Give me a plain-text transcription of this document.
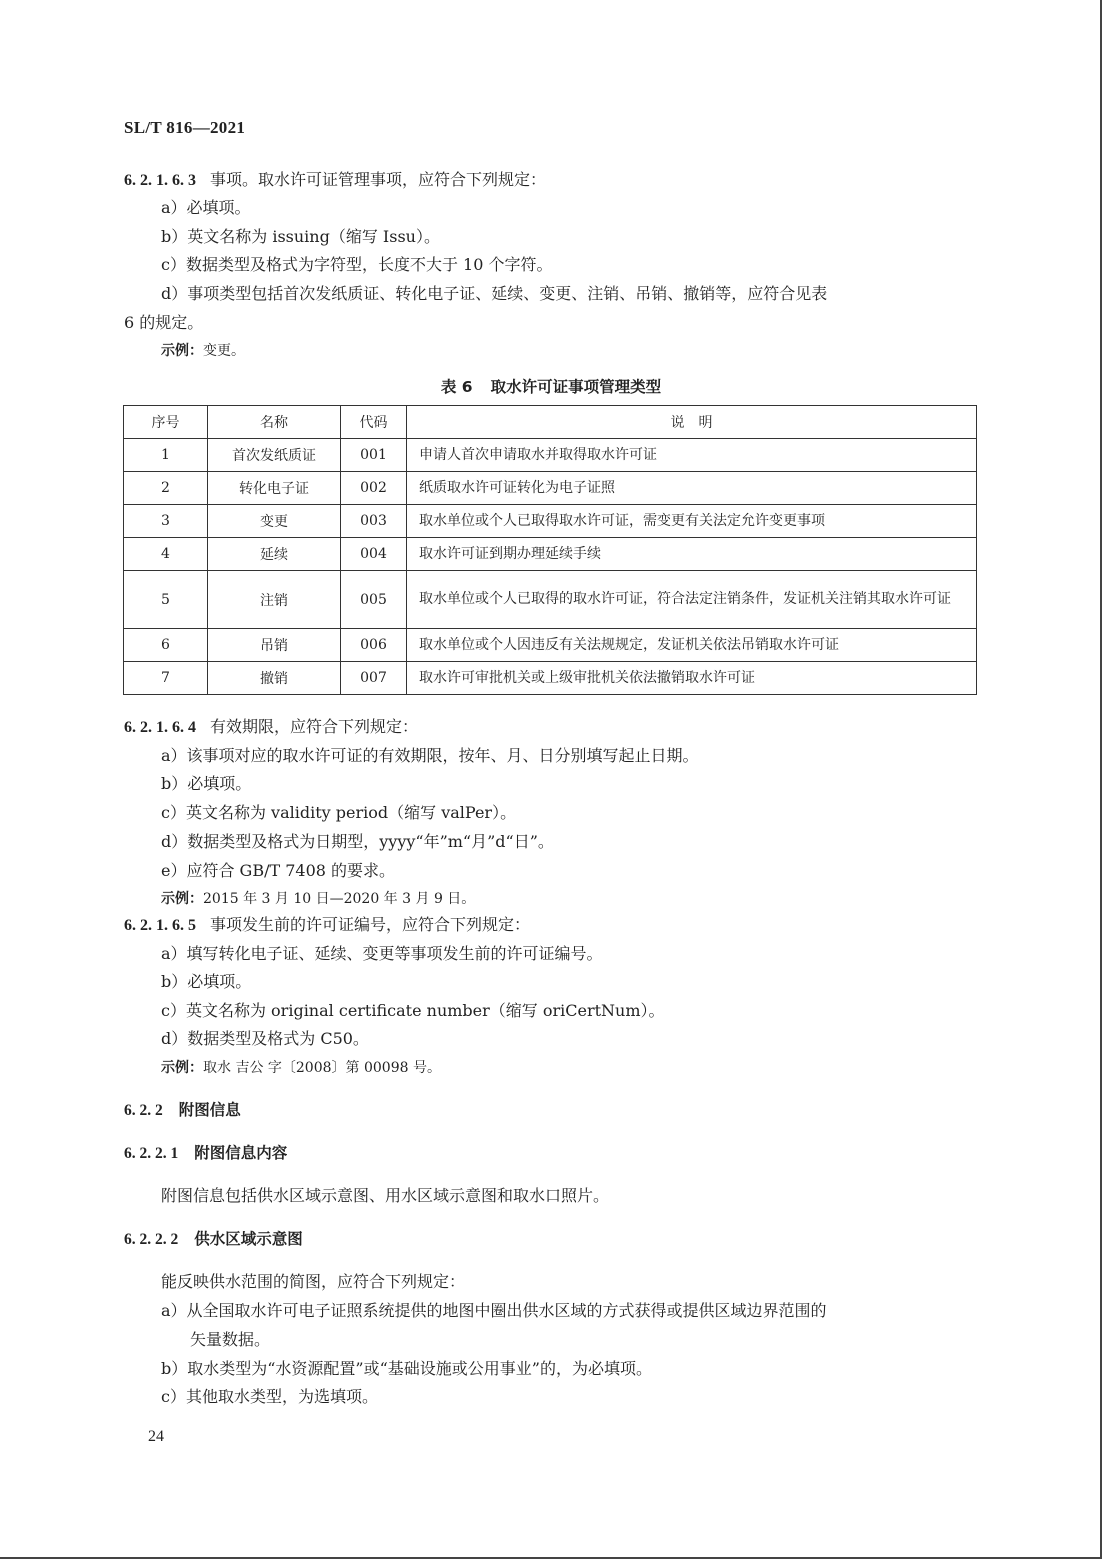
SL/T 816—2021
6. 2. 1. 6. 3 事项。取水许可证管理事项，应符合下列规定：
a）必填项。
b）英文名称为 issuing（缩写 Issu）。
c）数据类型及格式为字符型，长度不大于 10 个字符。
d）事项类型包括首次发纸质证、转化电子证、延续、变更、注销、吊销、撤销等，应符合见表
6 的规定。
示例：变更。
表 6 取水许可证事项管理类型
序号	名称	代码	说　明
1	首次发纸质证	001	申请人首次申请取水并取得取水许可证
2	转化电子证	002	纸质取水许可证转化为电子证照
3	变更	003	取水单位或个人已取得取水许可证，需变更有关法定允许变更事项
4	延续	004	取水许可证到期办理延续手续
5	注销	005	取水单位或个人已取得的取水许可证，符合法定注销条件，发证机关注销其取水许可证
6	吊销	006	取水单位或个人因违反有关法规规定，发证机关依法吊销取水许可证
7	撤销	007	取水许可审批机关或上级审批机关依法撤销取水许可证
6. 2. 1. 6. 4 有效期限，应符合下列规定：
a）该事项对应的取水许可证的有效期限，按年、月、日分别填写起止日期。
b）必填项。
c）英文名称为 validity period（缩写 valPer）。
d）数据类型及格式为日期型，yyyy“年”m“月”d“日”。
e）应符合 GB/T 7408 的要求。
示例：2015 年 3 月 10 日—2020 年 3 月 9 日。
6. 2. 1. 6. 5 事项发生前的许可证编号，应符合下列规定：
a）填写转化电子证、延续、变更等事项发生前的许可证编号。
b）必填项。
c）英文名称为 original certificate number（缩写 oriCertNum）。
d）数据类型及格式为 C50。
示例：取水 吉公 字〔2008〕第 00098 号。
6. 2. 2 附图信息
6. 2. 2. 1 附图信息内容
附图信息包括供水区域示意图、用水区域示意图和取水口照片。
6. 2. 2. 2 供水区域示意图
能反映供水范围的简图，应符合下列规定：
a）从全国取水许可电子证照系统提供的地图中圈出供水区域的方式获得或提供区域边界范围的
矢量数据。
b）取水类型为“水资源配置”或“基础设施或公用事业”的，为必填项。
c）其他取水类型，为选填项。
24
